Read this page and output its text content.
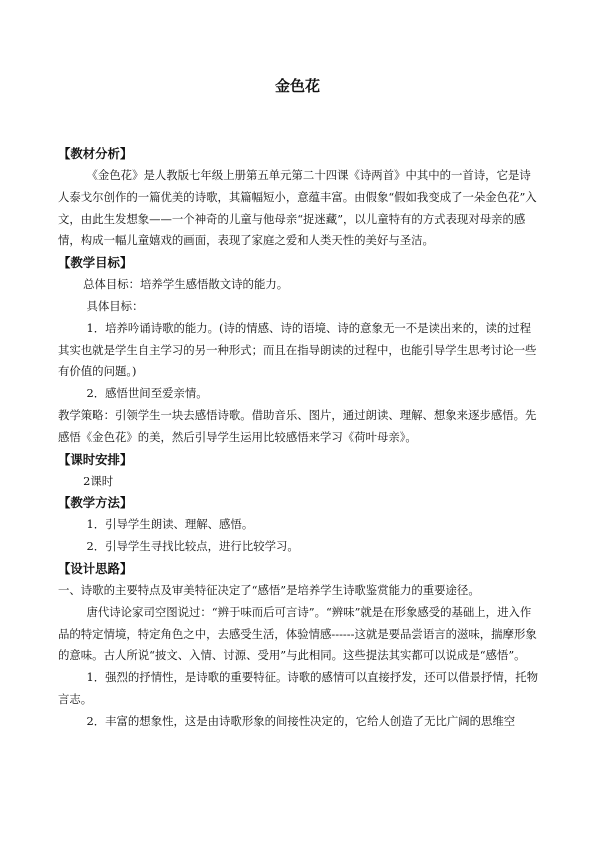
金色花

【教材分析】

《金色花》是人教版七年级上册第五单元第二十四课《诗两首》中其中的一首诗，它是诗人泰戈尔创作的一篇优美的诗歌，其篇幅短小，意蕴丰富。由假象“假如我变成了一朵金色花”入文，由此生发想象——一个神奇的儿童与他母亲“捉迷藏”，以儿童特有的方式表现对母亲的感情，构成一幅儿童嬉戏的画面，表现了家庭之爱和人类天性的美好与圣洁。

【教学目标】

总体目标：培养学生感悟散文诗的能力。

具体目标：

1．培养吟诵诗歌的能力。(诗的情感、诗的语境、诗的意象无一不是读出来的，读的过程其实也就是学生自主学习的另一种形式；而且在指导朗读的过程中，也能引导学生思考讨论一些有价值的问题。)

2．感悟世间至爱亲情。

教学策略：引领学生一块去感悟诗歌。借助音乐、图片，通过朗读、理解、想象来逐步感悟。先感悟《金色花》的美，然后引导学生运用比较感悟来学习《荷叶母亲》。

【课时安排】

2课时

【教学方法】

1．引导学生朗读、理解、感悟。

2．引导学生寻找比较点，进行比较学习。

【设计思路】

一、诗歌的主要特点及审美特征决定了“感悟”是培养学生诗歌鉴赏能力的重要途径。

唐代诗论家司空图说过：“辨于味而后可言诗”。“辨味”就是在形象感受的基础上，进入作品的特定情境，特定角色之中，去感受生活，体验情感------这就是要品尝语言的滋味，揣摩形象的意味。古人所说“披文、入情、讨源、受用”与此相同。这些提法其实都可以说成是“感悟”。

1．强烈的抒情性，是诗歌的重要特征。诗歌的感情可以直接抒发，还可以借景抒情，托物言志。

2．丰富的想象性，这是由诗歌形象的间接性决定的，它给人创造了无比广阔的思维空
